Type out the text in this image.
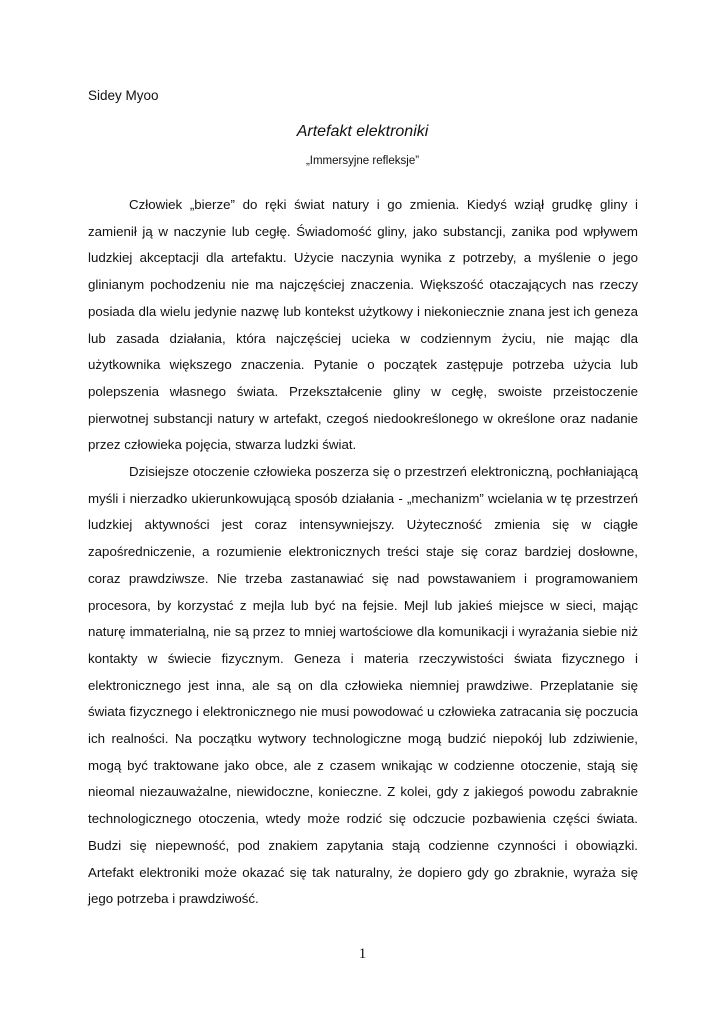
Sidey Myoo
Artefakt elektroniki
„Immersyjne refleksje”

Człowiek „bierze” do ręki świat natury i go zmienia. Kiedyś wziął grudkę gliny i zamienił ją w naczynie lub cegłę. Świadomość gliny, jako substancji, zanika pod wpływem ludzkiej akceptacji dla artefaktu. Użycie naczynia wynika z potrzeby, a myślenie o jego glinianym pochodzeniu nie ma najczęściej znaczenia. Większość otaczających nas rzeczy posiada dla wielu jedynie nazwę lub kontekst użytkowy i niekoniecznie znana jest ich geneza lub zasada działania, która najczęściej ucieka w codziennym życiu, nie mając dla użytkownika większego znaczenia. Pytanie o początek zastępuje potrzeba użycia lub polepszenia własnego świata. Przekształcenie gliny w cegłę, swoiste przeistoczenie pierwotnej substancji natury w artefakt, czegoś niedookreślonego w określone oraz nadanie przez człowieka pojęcia, stwarza ludzki świat.

Dzisiejsze otoczenie człowieka poszerza się o przestrzeń elektroniczną, pochłaniającą myśli i nierzadko ukierunkowującą sposób działania - „mechanizm” wcielania w tę przestrzeń ludzkiej aktywności jest coraz intensywniejszy. Użyteczność zmienia się w ciągłe zapośredniczenie, a rozumienie elektronicznych treści staje się coraz bardziej dosłowne, coraz prawdziwsze. Nie trzeba zastanawiać się nad powstawaniem i programowaniem procesora, by korzystać z mejla lub być na fejsie. Mejl lub jakieś miejsce w sieci, mając naturę immaterialną, nie są przez to mniej wartościowe dla komunikacji i wyrażania siebie niż kontakty w świecie fizycznym. Geneza i materia rzeczywistości świata fizycznego i elektronicznego jest inna, ale są on dla człowieka niemniej prawdziwe. Przeplatanie się świata fizycznego i elektronicznego nie musi powodować u człowieka zatracania się poczucia ich realności. Na początku wytwory technologiczne mogą budzić niepokój lub zdziwienie, mogą być traktowane jako obce, ale z czasem wnikając w codzienne otoczenie, stają się nieomal niezauważalne, niewidoczne, konieczne. Z kolei, gdy z jakiegoś powodu zabraknie technologicznego otoczenia, wtedy może rodzić się odczucie pozbawienia części świata. Budzi się niepewność, pod znakiem zapytania stają codzienne czynności i obowiązki. Artefakt elektroniki może okazać się tak naturalny, że dopiero gdy go zbraknie, wyraża się jego potrzeba i prawdziwość.

1
